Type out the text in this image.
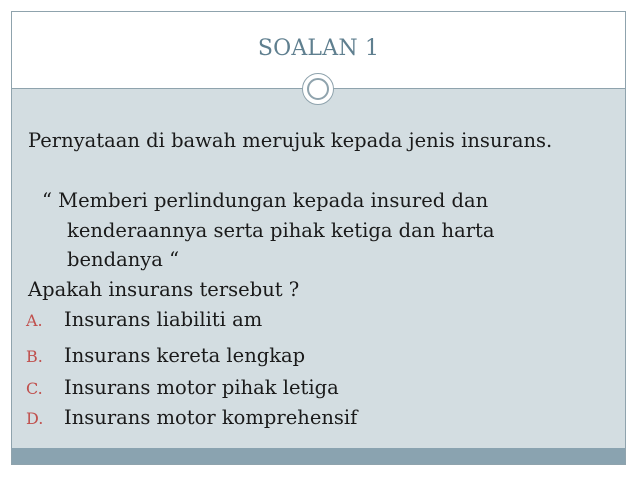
SOALAN 1
Pernyataan di bawah merujuk kepada jenis insurans.
“ Memberi perlindungan kepada insured dan
kenderaannya serta pihak ketiga dan harta
bendanya “
Apakah insurans tersebut ?
A. Insurans liabiliti am
B. Insurans kereta lengkap
C. Insurans motor pihak letiga
D. Insurans motor komprehensif
